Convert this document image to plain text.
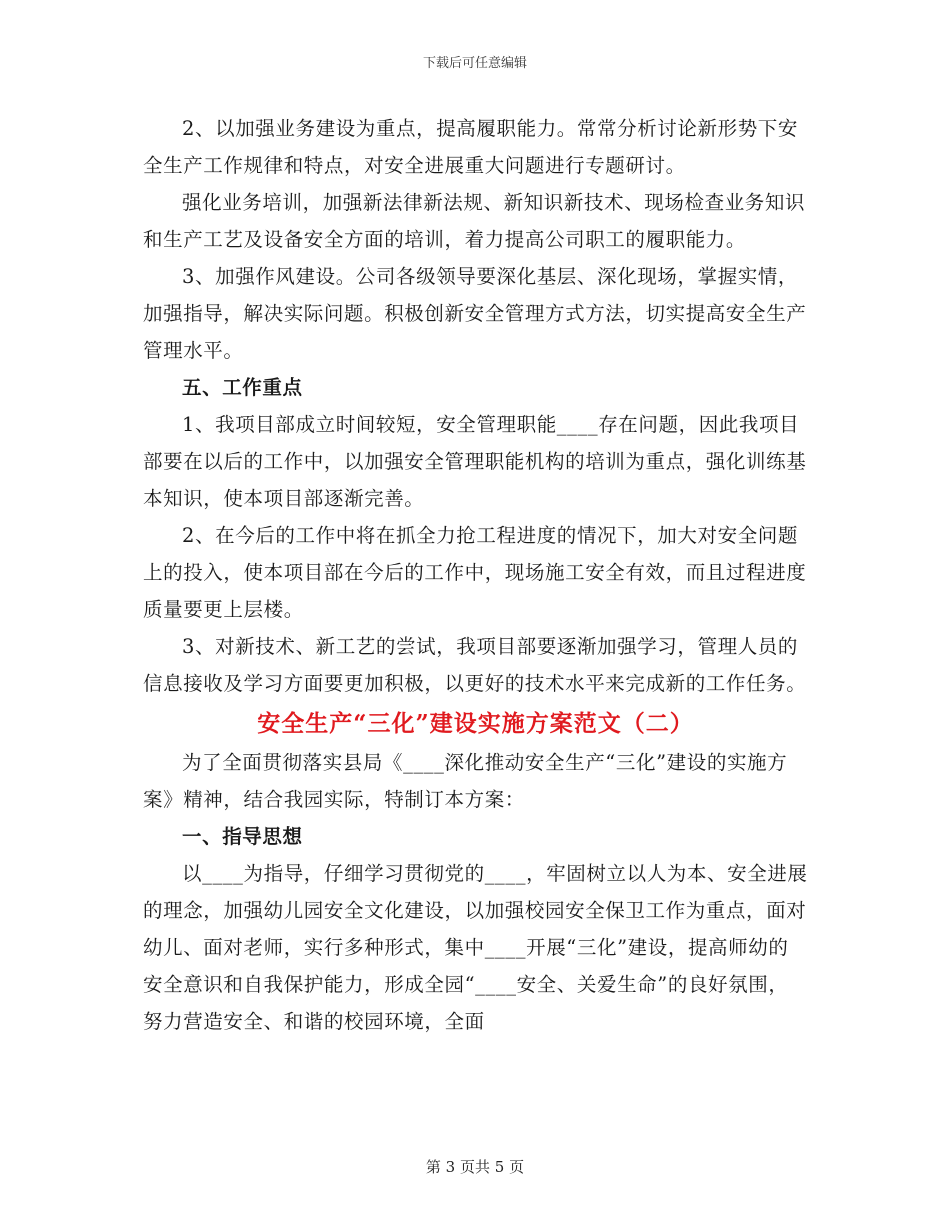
下载后可任意编辑

2、以加强业务建设为重点，提高履职能力。常常分析讨论新形势下安全生产工作规律和特点，对安全进展重大问题进行专题研讨。

强化业务培训，加强新法律新法规、新知识新技术、现场检查业务知识和生产工艺及设备安全方面的培训，着力提高公司职工的履职能力。

3、加强作风建设。公司各级领导要深化基层、深化现场，掌握实情，加强指导，解决实际问题。积极创新安全管理方式方法，切实提高安全生产管理水平。

五、工作重点

1、我项目部成立时间较短，安全管理职能____存在问题，因此我项目部要在以后的工作中，以加强安全管理职能机构的培训为重点，强化训练基本知识，使本项目部逐渐完善。

2、在今后的工作中将在抓全力抢工程进度的情况下，加大对安全问题上的投入，使本项目部在今后的工作中，现场施工安全有效，而且过程进度质量要更上层楼。

3、对新技术、新工艺的尝试，我项目部要逐渐加强学习，管理人员的信息接收及学习方面要更加积极，以更好的技术水平来完成新的工作任务。

安全生产“三化”建设实施方案范文（二）

为了全面贯彻落实县局《____深化推动安全生产“三化”建设的实施方案》精神，结合我园实际，特制订本方案：

一、指导思想

以____为指导，仔细学习贯彻党的____，牢固树立以人为本、安全进展的理念，加强幼儿园安全文化建设，以加强校园安全保卫工作为重点，面对幼儿、面对老师，实行多种形式，集中____开展“三化”建设，提高师幼的安全意识和自我保护能力，形成全园“____安全、关爱生命”的良好氛围，努力营造安全、和谐的校园环境，全面

第 3 页共 5 页
